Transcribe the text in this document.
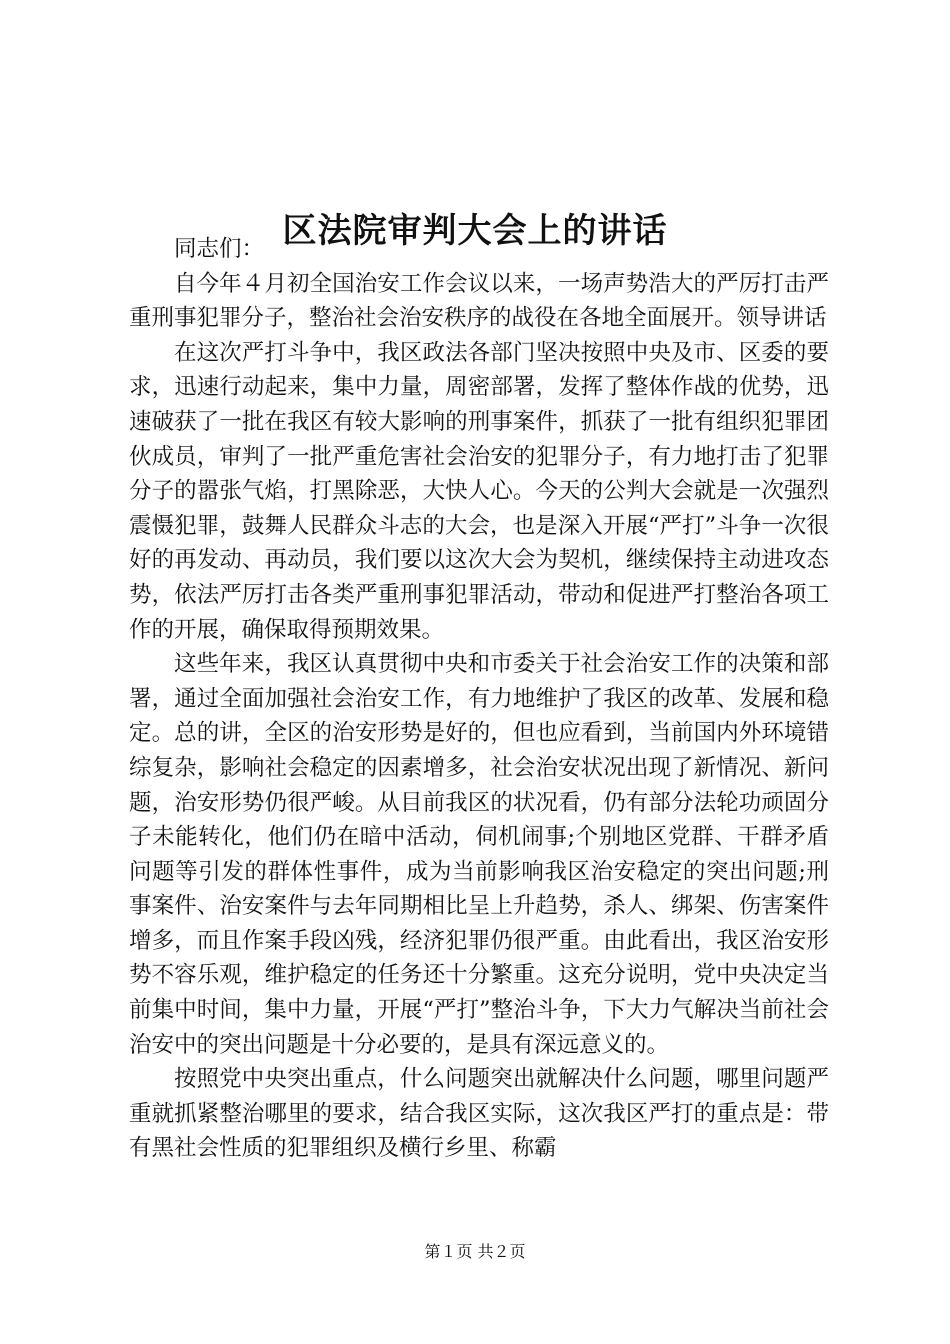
区法院审判大会上的讲话

同志们：

自今年４月初全国治安工作会议以来，一场声势浩大的严厉打击严重刑事犯罪分子，整治社会治安秩序的战役在各地全面展开。领导讲话

在这次严打斗争中，我区政法各部门坚决按照中央及市、区委的要求，迅速行动起来，集中力量，周密部署，发挥了整体作战的优势，迅速破获了一批在我区有较大影响的刑事案件，抓获了一批有组织犯罪团伙成员，审判了一批严重危害社会治安的犯罪分子，有力地打击了犯罪分子的嚣张气焰，打黑除恶，大快人心。今天的公判大会就是一次强烈震慑犯罪，鼓舞人民群众斗志的大会，也是深入开展“严打”斗争一次很好的再发动、再动员，我们要以这次大会为契机，继续保持主动进攻态势，依法严厉打击各类严重刑事犯罪活动，带动和促进严打整治各项工作的开展，确保取得预期效果。

这些年来，我区认真贯彻中央和市委关于社会治安工作的决策和部署，通过全面加强社会治安工作，有力地维护了我区的改革、发展和稳定。总的讲，全区的治安形势是好的，但也应看到，当前国内外环境错综复杂，影响社会稳定的因素增多，社会治安状况出现了新情况、新问题，治安形势仍很严峻。从目前我区的状况看，仍有部分法轮功顽固分子未能转化，他们仍在暗中活动，伺机闹事;个别地区党群、干群矛盾问题等引发的群体性事件，成为当前影响我区治安稳定的突出问题;刑事案件、治安案件与去年同期相比呈上升趋势，杀人、绑架、伤害案件增多，而且作案手段凶残，经济犯罪仍很严重。由此看出，我区治安形势不容乐观，维护稳定的任务还十分繁重。这充分说明，党中央决定当前集中时间，集中力量，开展“严打”整治斗争，下大力气解决当前社会治安中的突出问题是十分必要的，是具有深远意义的。

按照党中央突出重点，什么问题突出就解决什么问题，哪里问题严重就抓紧整治哪里的要求，结合我区实际，这次我区严打的重点是：带有黑社会性质的犯罪组织及横行乡里、称霸

第１页 共２页
